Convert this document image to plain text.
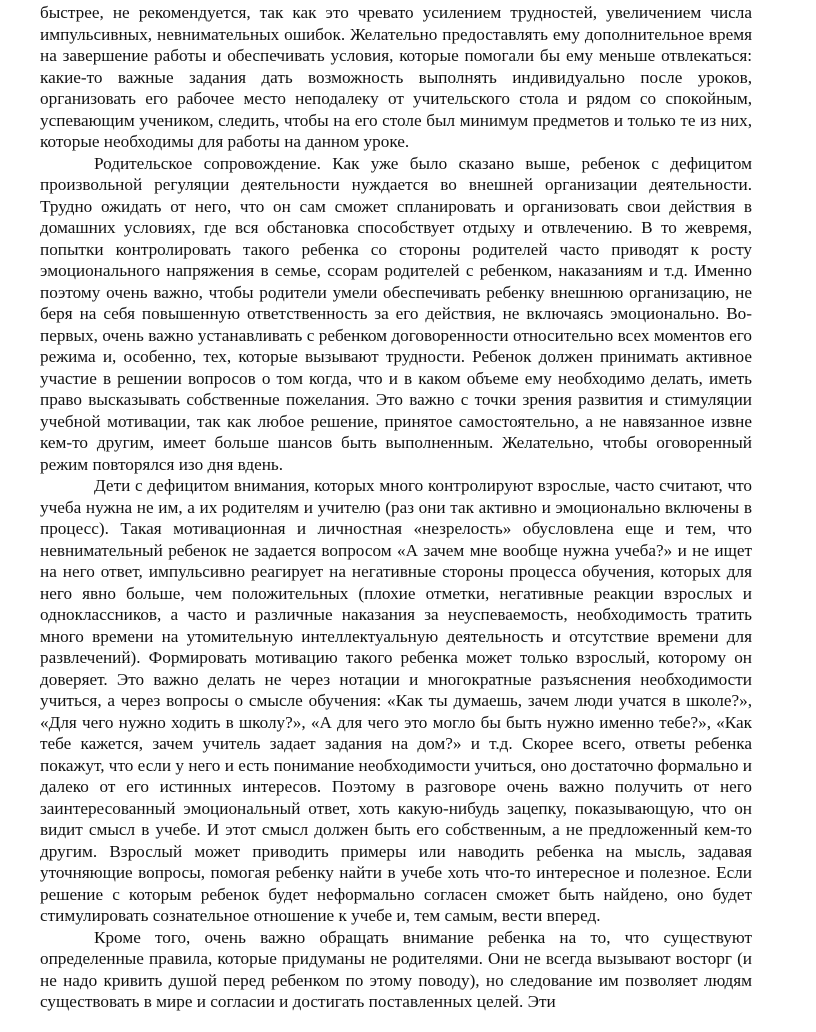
быстрее, не рекомендуется, так как это чревато усилением трудностей, увеличением числа импульсивных, невнимательных ошибок. Желательно предоставлять ему дополнительное время на завершение работы и обеспечивать условия, которые помогали бы ему меньше отвлекаться: какие-то важные задания дать возможность выполнять индивидуально после уроков, организовать его рабочее место неподалеку от учительского стола и рядом со спокойным, успевающим учеником, следить, чтобы на его столе был минимум предметов и только те из них, которые необходимы для работы на данном уроке.

Родительское сопровождение. Как уже было сказано выше, ребенок с дефицитом произвольной регуляции деятельности нуждается во внешней организации деятельности. Трудно ожидать от него, что он сам сможет спланировать и организовать свои действия в домашних условиях, где вся обстановка способствует отдыху и отвлечению. В то жевремя, попытки контролировать такого ребенка со стороны родителей часто приводят к росту эмоционального напряжения в семье, ссорам родителей с ребенком, наказаниям и т.д. Именно поэтому очень важно, чтобы родители умели обеспечивать ребенку внешнюю организацию, не беря на себя повышенную ответственность за его действия, не включаясь эмоционально. Во-первых, очень важно устанавливать с ребенком договоренности относительно всех моментов его режима и, особенно, тех, которые вызывают трудности. Ребенок должен принимать активное участие в решении вопросов о том когда, что и в каком объеме ему необходимо делать, иметь право высказывать собственные пожелания. Это важно с точки зрения развития и стимуляции учебной мотивации, так как любое решение, принятое самостоятельно, а не навязанное извне кем-то другим, имеет больше шансов быть выполненным. Желательно, чтобы оговоренный режим повторялся изо дня вдень.

Дети с дефицитом внимания, которых много контролируют взрослые, часто считают, что учеба нужна не им, а их родителям и учителю (раз они так активно и эмоционально включены в процесс). Такая мотивационная и личностная «незрелость» обусловлена еще и тем, что невнимательный ребенок не задается вопросом «А зачем мне вообще нужна учеба?» и не ищет на него ответ, импульсивно реагирует на негативные стороны процесса обучения, которых для него явно больше, чем положительных (плохие отметки, негативные реакции взрослых и одноклассников, а часто и различные наказания за неуспеваемость, необходимость тратить много времени на утомительную интеллектуальную деятельность и отсутствие времени для развлечений). Формировать мотивацию такого ребенка может только взрослый, которому он доверяет. Это важно делать не через нотации и многократные разъяснения необходимости учиться, а через вопросы о смысле обучения: «Как ты думаешь, зачем люди учатся в школе?», «Для чего нужно ходить в школу?», «А для чего это могло бы быть нужно именно тебе?», «Как тебе кажется, зачем учитель задает задания на дом?» и т.д. Скорее всего, ответы ребенка покажут, что если у него и есть понимание необходимости учиться, оно достаточно формально и далеко от его истинных интересов. Поэтому в разговоре очень важно получить от него заинтересованный эмоциональный ответ, хоть какую-нибудь зацепку, показывающую, что он видит смысл в учебе. И этот смысл должен быть его собственным, а не предложенный кем-то другим. Взрослый может приводить примеры или наводить ребенка на мысль, задавая уточняющие вопросы, помогая ребенку найти в учебе хоть что-то интересное и полезное. Если решение с которым ребенок будет неформально согласен сможет быть найдено, оно будет стимулировать сознательное отношение к учебе и, тем самым, вести вперед.

Кроме того, очень важно обращать внимание ребенка на то, что существуют определенные правила, которые придуманы не родителями. Они не всегда вызывают восторг (и не надо кривить душой перед ребенком по этому поводу), но следование им позволяет людям существовать в мире и согласии и достигать поставленных целей. Эти
